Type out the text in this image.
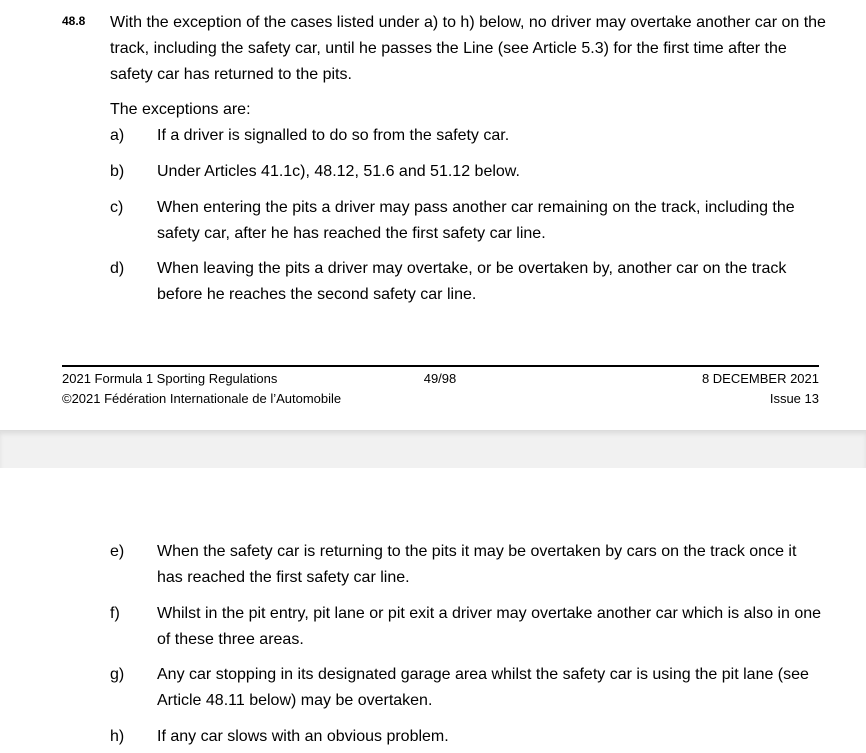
48.8 With the exception of the cases listed under a) to h) below, no driver may overtake another car on the track, including the safety car, until he passes the Line (see Article 5.3) for the first time after the safety car has returned to the pits.
The exceptions are:
a) If a driver is signalled to do so from the safety car.
b) Under Articles 41.1c), 48.12, 51.6 and 51.12 below.
c) When entering the pits a driver may pass another car remaining on the track, including the safety car, after he has reached the first safety car line.
d) When leaving the pits a driver may overtake, or be overtaken by, another car on the track before he reaches the second safety car line.
2021 Formula 1 Sporting Regulations
©2021 Fédération Internationale de l’Automobile
49/98	8 DECEMBER 2021
Issue 13
e) When the safety car is returning to the pits it may be overtaken by cars on the track once it has reached the first safety car line.
f) Whilst in the pit entry, pit lane or pit exit a driver may overtake another car which is also in one of these three areas.
g) Any car stopping in its designated garage area whilst the safety car is using the pit lane (see Article 48.11 below) may be overtaken.
h) If any car slows with an obvious problem.
